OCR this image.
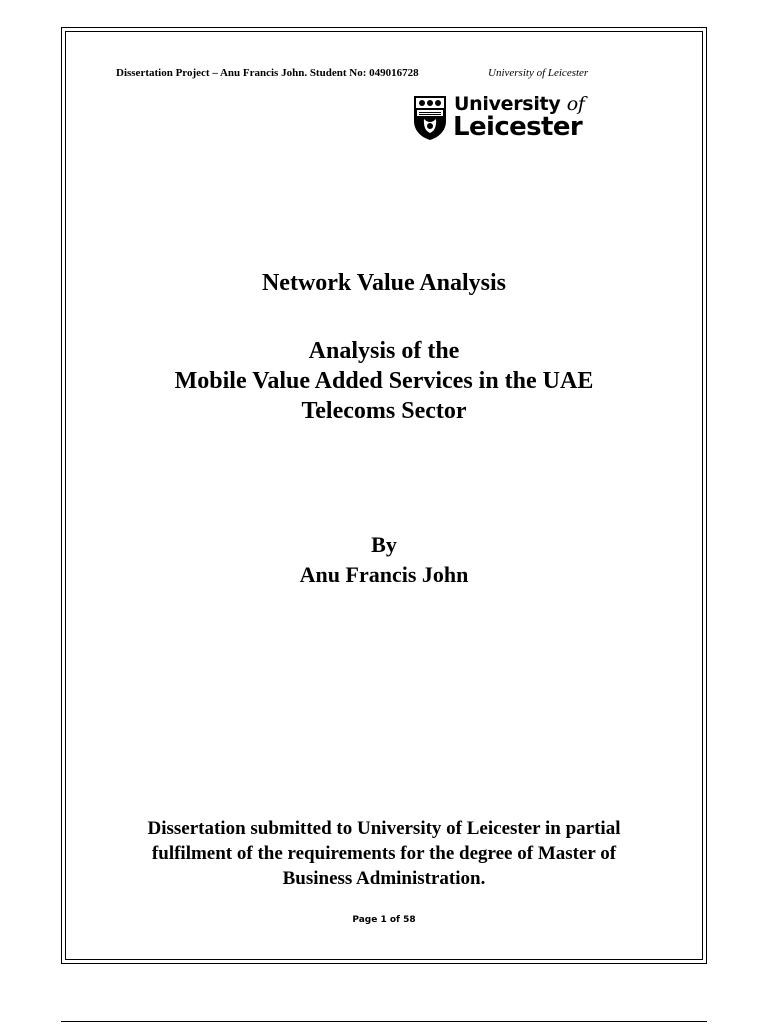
Dissertation Project – Anu Francis John. Student No: 049016728	University of Leicester
University of
Leicester
Network Value Analysis
Analysis of the
Mobile Value Added Services in the UAE
Telecoms Sector
By
Anu Francis John
Dissertation submitted to University of Leicester in partial
fulfilment of the requirements for the degree of Master of
Business Administration.
Page 1 of 58
